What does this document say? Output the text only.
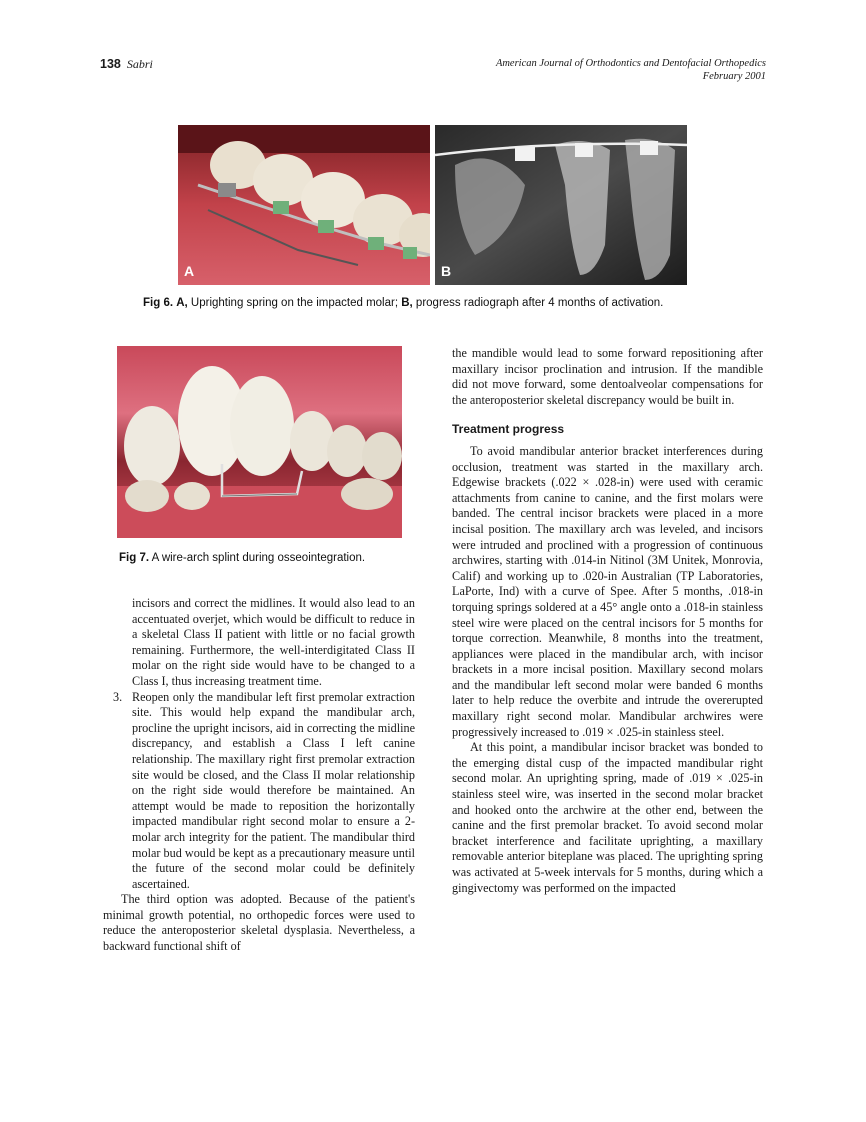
138 Sabri	American Journal of Orthodontics and Dentofacial Orthopedics
February 2001
A	B
Fig 6. A, Uprighting spring on the impacted molar; B, progress radiograph after 4 months of activation.
Fig 7. A wire-arch splint during osseointegration.

incisors and correct the midlines. It would also lead to an accentuated overjet, which would be difficult to reduce in a skeletal Class II patient with little or no facial growth remaining. Furthermore, the well-interdigitated Class II molar on the right side would have to be changed to a Class I, thus increasing treatment time.

3. Reopen only the mandibular left first premolar extraction site. This would help expand the mandibular arch, procline the upright incisors, aid in correcting the midline discrepancy, and establish a Class I left canine relationship. The maxillary right first premolar extraction site would be closed, and the Class II molar relationship on the right side would therefore be maintained. An attempt would be made to reposition the horizontally impacted mandibular right second molar to ensure a 2-molar arch integrity for the patient. The mandibular third molar bud would be kept as a precautionary measure until the future of the second molar could be definitely ascertained.

The third option was adopted. Because of the patient's minimal growth potential, no orthopedic forces were used to reduce the anteroposterior skeletal dysplasia. Nevertheless, a backward functional shift of

the mandible would lead to some forward repositioning after maxillary incisor proclination and intrusion. If the mandible did not move forward, some dentoalveolar compensations for the anteroposterior skeletal discrepancy would be built in.

Treatment progress

To avoid mandibular anterior bracket interferences during occlusion, treatment was started in the maxillary arch. Edgewise brackets (.022 × .028-in) were used with ceramic attachments from canine to canine, and the first molars were banded. The central incisor brackets were placed in a more incisal position. The maxillary arch was leveled, and incisors were intruded and proclined with a progression of continuous archwires, starting with .014-in Nitinol (3M Unitek, Monrovia, Calif) and working up to .020-in Australian (TP Laboratories, LaPorte, Ind) with a curve of Spee. After 5 months, .018-in torquing springs soldered at a 45° angle onto a .018-in stainless steel wire were placed on the central incisors for 5 months for torque correction. Meanwhile, 8 months into the treatment, appliances were placed in the mandibular arch, with incisor brackets in a more incisal position. Maxillary second molars and the mandibular left second molar were banded 6 months later to help reduce the overbite and intrude the overerupted maxillary right second molar. Mandibular archwires were progressively increased to .019 × .025-in stainless steel.

At this point, a mandibular incisor bracket was bonded to the emerging distal cusp of the impacted mandibular right second molar. An uprighting spring, made of .019 × .025-in stainless steel wire, was inserted in the second molar bracket and hooked onto the archwire at the other end, between the canine and the first premolar bracket. To avoid second molar bracket interference and facilitate uprighting, a maxillary removable anterior biteplane was placed. The uprighting spring was activated at 5-week intervals for 5 months, during which a gingivectomy was performed on the impacted
